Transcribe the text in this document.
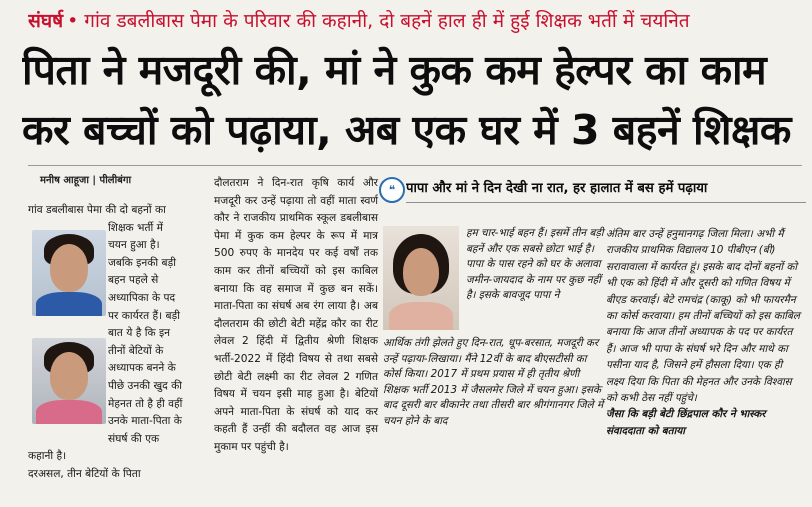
संघर्ष • गांव डबलीबास पेमा के परिवार की कहानी, दो बहनें हाल ही में हुई शिक्षक भर्ती में चयनित
पिता ने मजदूरी की, मां ने कुक कम हेल्पर का काम
कर बच्चों को पढ़ाया, अब एक घर में 3 बहनें शिक्षक
मनीष आहूजा | पीलीबंगा

गांव डबलीबास पेमा की दो बहनों का

शिक्षक भर्ती में

चयन हुआ है।

जबकि इनकी बड़ी

बहन पहले से

अध्यापिका के पद

पर कार्यरत हैं। बड़ी

बात ये है कि इन

तीनों बेटियों के

अध्यापक बनने के

पीछे उनकी खुद की

मेहनत तो है ही वहीं

उनके माता-पिता के

संघर्ष की एक

कहानी है।

दरअसल, तीन बेटियों के पिता

दौलतराम ने दिन-रात कृषि कार्य और मजदूरी कर उन्हें पढ़ाया तो वहीं माता स्वर्ण कौर ने राजकीय प्राथमिक स्कूल डबलीबास पेमा में कुक कम हेल्पर के रूप में मात्र 500 रुपए के मानदेय पर कई वर्षों तक काम कर तीनों बच्चियों को इस काबिल बनाया कि वह समाज में कुछ बन सकें। माता-पिता का संघर्ष अब रंग लाया है। अब दौलतराम की छोटी बेटी महेंद्र कौर का रीट लेवल 2 हिंदी में द्वितीय श्रेणी शिक्षक भर्ती-2022 में हिंदी विषय से तथा सबसे छोटी बेटी लक्ष्मी का रीट लेवल 2 गणित विषय में चयन इसी माह हुआ है। बेटियों अपने माता-पिता के संघर्ष को याद कर कहती हैं उन्हीं की बदौलत वह आज इस मुकाम पर पहुंची है।

❝ पापा और मां ने दिन देखी ना रात, हर हालात में बस हमें पढ़ाया

हम चार-भाई बहन हैं। इसमें तीन बड़ी बहनें और एक सबसे छोटा भाई है। पापा के पास रहने को घर के अलावा जमीन-जायदाद के नाम पर कुछ नहीं है। इसके बावजूद पापा ने

आर्थिक तंगी झेलते हुए दिन-रात, धूप-बरसात, मजदूरी कर उन्हें पढ़ाया-लिखाया। मैंने 12वीं के बाद बीएसटीसी का कोर्स किया। 2017 में प्रथम प्रयास में ही तृतीय श्रेणी शिक्षक भर्ती 2013 में जैसलमेर जिले में चयन हुआ। इसके बाद दूसरी बार बीकानेर तथा तीसरी बार श्रीगंगानगर जिले में चयन होने के बाद

अंतिम बार उन्हें हनुमानगढ़ जिला मिला। अभी मैं राजकीय प्राथमिक विद्यालय 10 पीबीएन (बी) सरावावाला में कार्यरत हूं। इसके बाद दोनों बहनों को भी एक को हिंदी में और दूसरी को गणित विषय में बीएड करवाई। बेटे रामचंद्र (काकू) को भी फायरमैन का कोर्स करवाया। हम तीनों बच्चियों को इस काबिल बनाया कि आज तीनों अध्यापक के पद पर कार्यरत हैं। आज भी पापा के संघर्ष भरे दिन और माथे का पसीना याद है, जिसने हमें हौसला दिया। एक ही लक्ष्य दिया कि पिता की मेहनत और उनके विश्वास को कभी ठेस नहीं पहुंचे।

जैसा कि बड़ी बेटी छिंद्रपाल कौर ने भास्कर संवाददाता को बताया
